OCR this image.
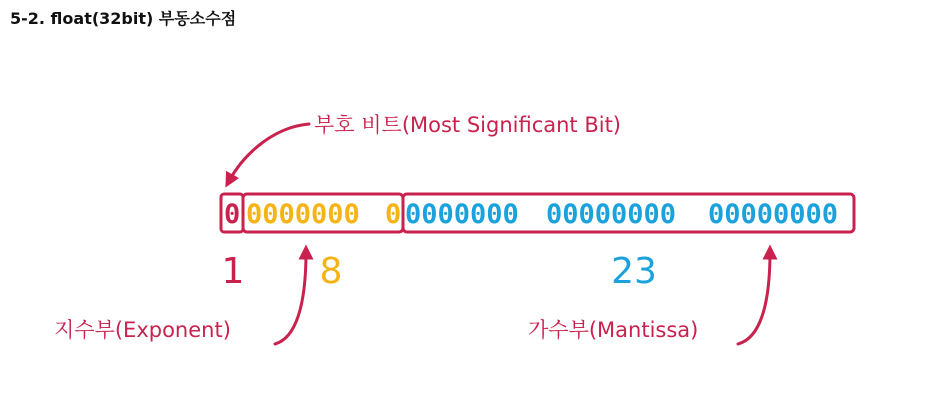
5-2. float(32bit) 부동소수점
0 0000000 0 0000000 00000000 00000000
1 8	23
부호 비트(Most Significant Bit)
지수부(Exponent)	가수부(Mantissa)
